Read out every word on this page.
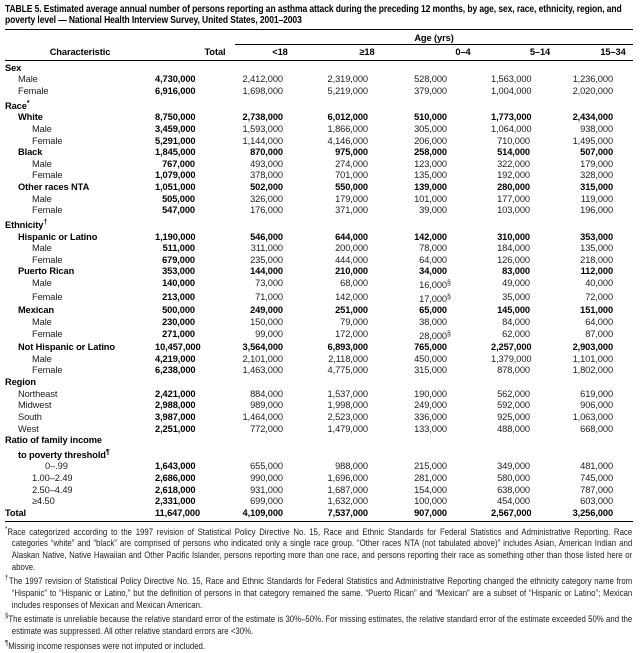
TABLE 5. Estimated average annual number of persons reporting an asthma attack during the preceding 12 months, by age, sex, race, ethnicity, region, and poverty level — National Health Interview Survey, United States, 2001–2003
		Age (yrs)				
Characteristic	Total	<18	≥18	0–4	5–14	15–34
Sex						
Male	4,730,000	2,412,000	2,319,000	528,000	1,563,000	1,236,000
Female	6,916,000	1,698,000	5,219,000	379,000	1,004,000	2,020,000
Race*						
White	8,750,000	2,738,000	6,012,000	510,000	1,773,000	2,434,000
Male	3,459,000	1,593,000	1,866,000	305,000	1,064,000	938,000
Female	5,291,000	1,144,000	4,146,000	206,000	710,000	1,495,000
Black	1,845,000	870,000	975,000	258,000	514,000	507,000
Male	767,000	493,000	274,000	123,000	322,000	179,000
Female	1,079,000	378,000	701,000	135,000	192,000	328,000
Other races NTA	1,051,000	502,000	550,000	139,000	280,000	315,000
Male	505,000	326,000	179,000	101,000	177,000	119,000
Female	547,000	176,000	371,000	39,000	103,000	196,000
Ethnicity†						
Hispanic or Latino	1,190,000	546,000	644,000	142,000	310,000	353,000
Male	511,000	311,000	200,000	78,000	184,000	135,000
Female	679,000	235,000	444,000	64,000	126,000	218,000
Puerto Rican	353,000	144,000	210,000	34,000	83,000	112,000
Male	140,000	73,000	68,000	16,000§	49,000	40,000
Female	213,000	71,000	142,000	17,000§	35,000	72,000
Mexican	500,000	249,000	251,000	65,000	145,000	151,000
Male	230,000	150,000	79,000	38,000	84,000	64,000
Female	271,000	99,000	172,000	28,000§	62,000	87,000
Not Hispanic or Latino	10,457,000	3,564,000	6,893,000	765,000	2,257,000	2,903,000
Male	4,219,000	2,101,000	2,118,000	450,000	1,379,000	1,101,000
Female	6,238,000	1,463,000	4,775,000	315,000	878,000	1,802,000
Region						
Northeast	2,421,000	884,000	1,537,000	190,000	562,000	619,000
Midwest	2,988,000	989,000	1,998,000	249,000	592,000	906,000
South	3,987,000	1,464,000	2,523,000	336,000	925,000	1,063,000
West	2,251,000	772,000	1,479,000	133,000	488,000	668,000
Ratio of family income
to poverty threshold¶

0–.99	1,643,000	655,000	988,000	215,000	349,000	481,000
1.00–2.49	2,686,000	990,000	1,696,000	281,000	580,000	745,000
2.50–4.49	2,618,000	931,000	1,687,000	154,000	638,000	787,000
≥4.50	2,331,000	699,000	1,632,000	100,000	454,000	603,000
Total	11,647,000	4,109,000	7,537,000	907,000	2,567,000	3,256,000
*Race categorized according to the 1997 revision of Statistical Policy Directive No. 15, Race and Ethnic Standards for Federal Statistics and Administrative Reporting. Race categories “white” and “black” are comprised of persons who indicated only a single race group. “Other races NTA (not tabulated above)” includes Asian, American Indian and Alaskan Native, Native Hawaiian and Other Pacific Islander, persons reporting more than one race, and persons reporting their race as something other than those listed here or above.
†The 1997 revision of Statistical Policy Directive No. 15, Race and Ethnic Standards for Federal Statistics and Administrative Reporting changed the ethnicity category name from “Hispanic” to “Hispanic or Latino,” but the definition of persons in that category remained the same. “Puerto Rican” and “Mexican” are a subset of “Hispanic or Latino”; Mexican includes responses of Mexican and Mexican American.
§The estimate is unreliable because the relative standard error of the estimate is 30%–50%. For missing estimates, the relative standard error of the estimate exceeded 50% and the estimate was suppressed. All other relative standard errors are <30%.
¶Missing income responses were not imputed or included.
